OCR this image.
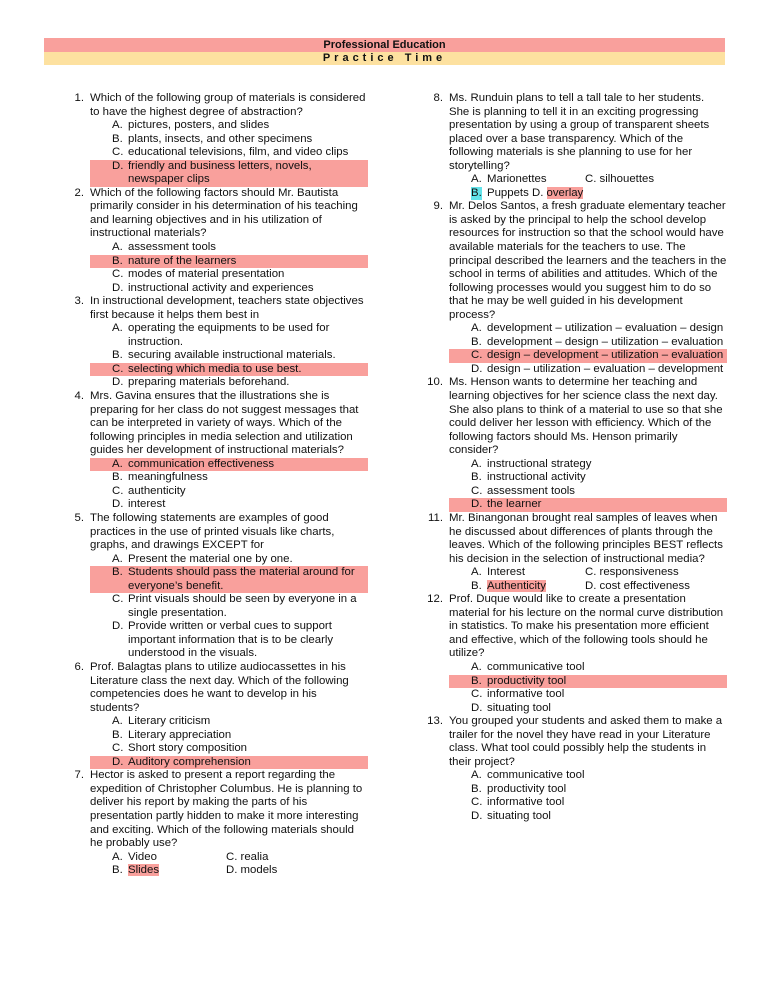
Professional Education
Practice Time
1. Which of the following group of materials is considered to have the highest degree of abstraction?
A. pictures, posters, and slides
B. plants, insects, and other specimens
C. educational televisions, film, and video clips
D. friendly and business letters, novels, newspaper clips
2. Which of the following factors should Mr. Bautista primarily consider in his determination of his teaching and learning objectives and in his utilization of instructional materials?
A. assessment tools
B. nature of the learners
C. modes of material presentation
D. instructional activity and experiences
3. In instructional development, teachers state objectives first because it helps them best in
A. operating the equipments to be used for instruction.
B. securing available instructional materials.
C. selecting which media to use best.
D. preparing materials beforehand.
4. Mrs. Gavina ensures that the illustrations she is preparing for her class do not suggest messages that can be interpreted in variety of ways. Which of the following principles in media selection and utilization guides her development of instructional materials?
A. communication effectiveness
B. meaningfulness
C. authenticity
D. interest
5. The following statements are examples of good practices in the use of printed visuals like charts, graphs, and drawings EXCEPT for
A. Present the material one by one.
B. Students should pass the material around for everyone’s benefit.
C. Print visuals should be seen by everyone in a single presentation.
D. Provide written or verbal cues to support important information that is to be clearly understood in the visuals.
6. Prof. Balagtas plans to utilize audiocassettes in his Literature class the next day. Which of the following competencies does he want to develop in his students?
A. Literary criticism
B. Literary appreciation
C. Short story composition
D. Auditory comprehension
7. Hector is asked to present a report regarding the expedition of Christopher Columbus. He is planning to deliver his report by making the parts of his presentation partly hidden to make it more interesting and exciting. Which of the following materials should he probably use?
A. Video	C. realia
B. Slides	D. models
8. Ms. Runduin plans to tell a tall tale to her students. She is planning to tell it in an exciting progressing presentation by using a group of transparent sheets placed over a base transparency. Which of the following materials is she planning to use for her storytelling?
A. Marionettes	C. silhouettes
B. Puppets D. overlay
9. Mr. Delos Santos, a fresh graduate elementary teacher is asked by the principal to help the school develop resources for instruction so that the school would have available materials for the teachers to use. The principal described the learners and the teachers in the school in terms of abilities and attitudes. Which of the following processes would you suggest him to do so that he may be well guided in his development process?
A. development – utilization – evaluation – design
B. development – design – utilization – evaluation
C. design – development – utilization – evaluation
D. design – utilization – evaluation – development
10. Ms. Henson wants to determine her teaching and learning objectives for her science class the next day. She also plans to think of a material to use so that she could deliver her lesson with efficiency. Which of the following factors should Ms. Henson primarily consider?
A. instructional strategy
B. instructional activity
C. assessment tools
D. the learner
11. Mr. Binangonan brought real samples of leaves when he discussed about differences of plants through the leaves. Which of the following principles BEST reflects his decision in the selection of instructional media?
A. Interest	C. responsiveness
B. Authenticity	D. cost effectiveness
12. Prof. Duque would like to create a presentation material for his lecture on the normal curve distribution in statistics. To make his presentation more efficient and effective, which of the following tools should he utilize?
A. communicative tool
B. productivity tool
C. informative tool
D. situating tool
13. You grouped your students and asked them to make a trailer for the novel they have read in your Literature class. What tool could possibly help the students in their project?
A. communicative tool
B. productivity tool
C. informative tool
D. situating tool
